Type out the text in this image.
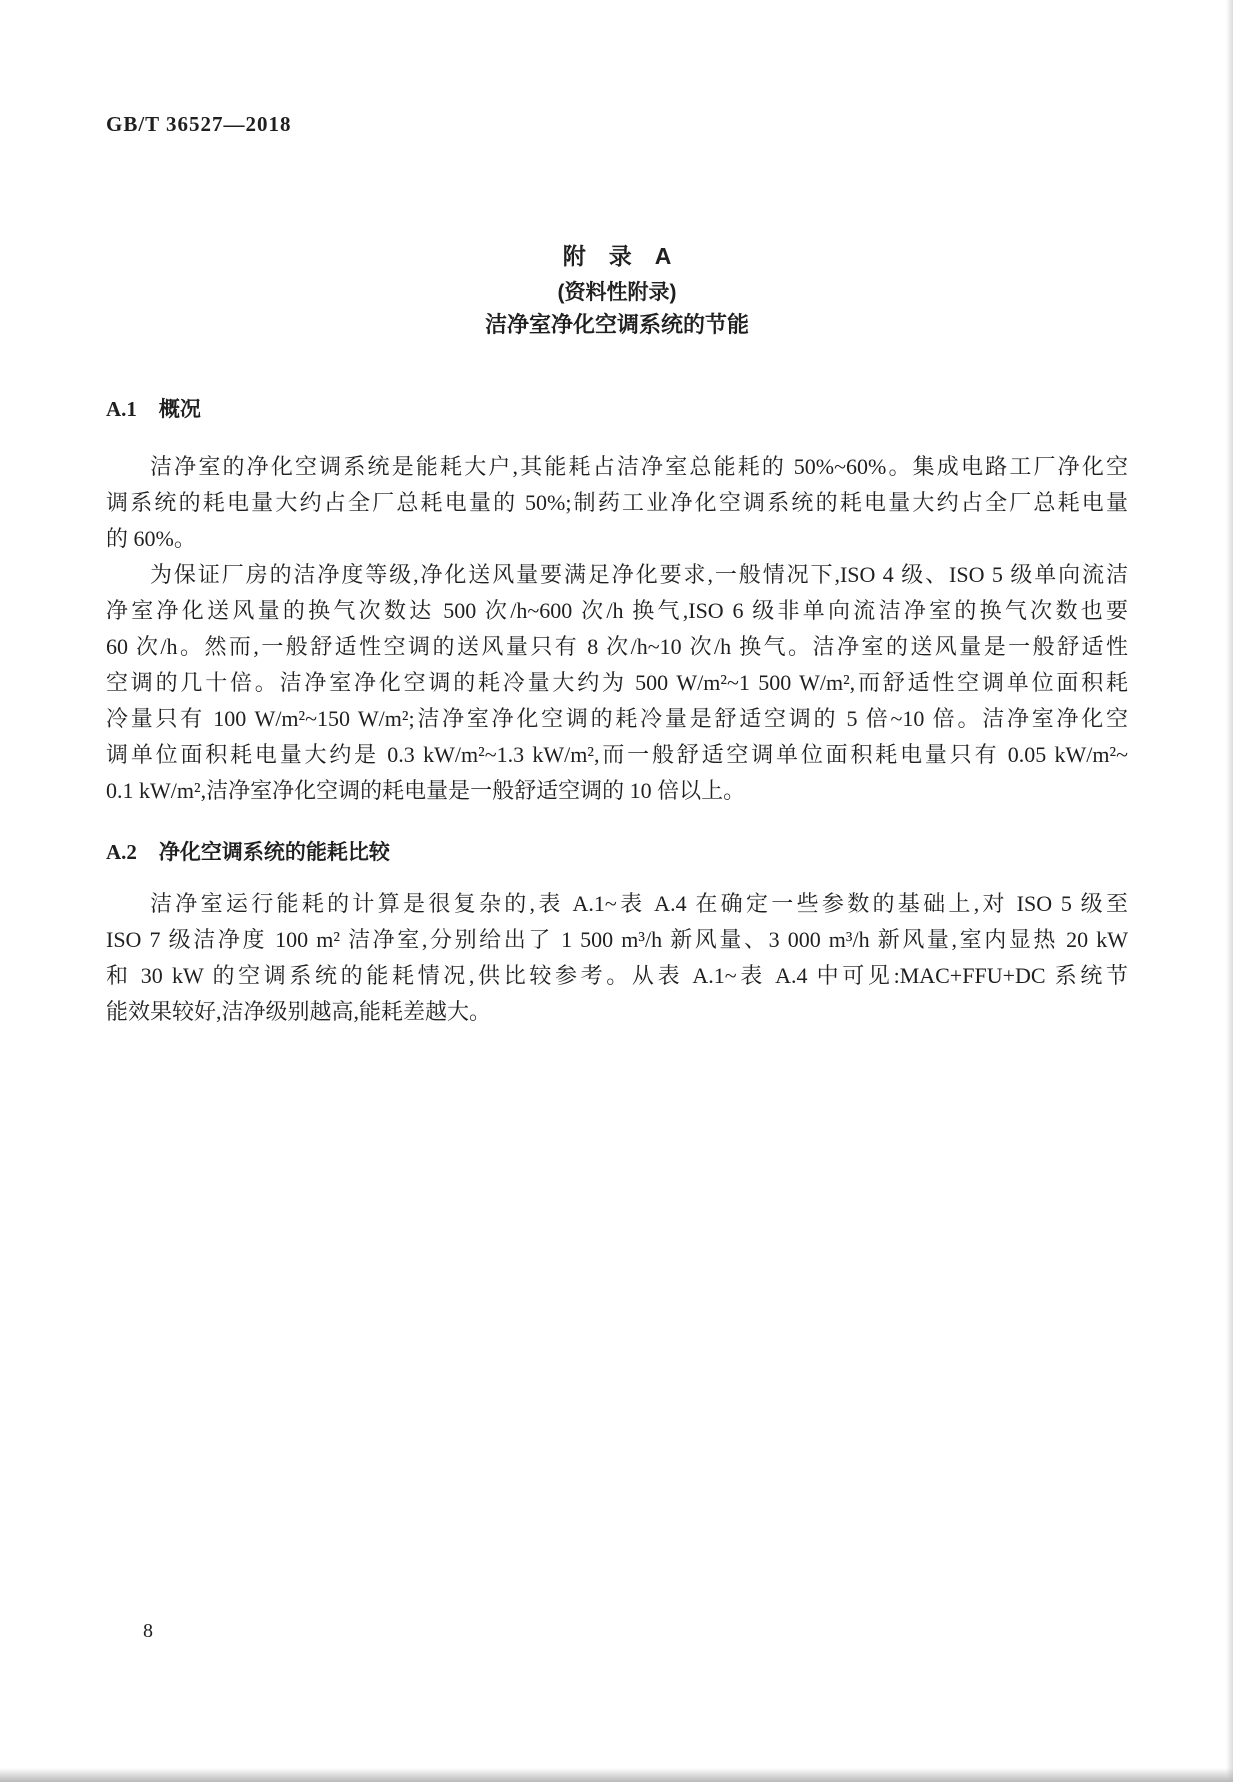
GB/T 36527—2018
附　录　A
(资料性附录)
洁净室净化空调系统的节能
A.1 概况
洁净室的净化空调系统是能耗大户,其能耗占洁净室总能耗的 50%~60%。集成电路工厂净化空
调系统的耗电量大约占全厂总耗电量的 50%;制药工业净化空调系统的耗电量大约占全厂总耗电量
的 60%。
为保证厂房的洁净度等级,净化送风量要满足净化要求,一般情况下,ISO 4 级、ISO 5 级单向流洁
净室净化送风量的换气次数达 500 次/h~600 次/h 换气,ISO 6 级非单向流洁净室的换气次数也要
60 次/h。然而,一般舒适性空调的送风量只有 8 次/h~10 次/h 换气。洁净室的送风量是一般舒适性
空调的几十倍。洁净室净化空调的耗冷量大约为 500 W/m²~1 500 W/m²,而舒适性空调单位面积耗
冷量只有 100 W/m²~150 W/m²;洁净室净化空调的耗冷量是舒适空调的 5 倍~10 倍。洁净室净化空
调单位面积耗电量大约是 0.3 kW/m²~1.3 kW/m²,而一般舒适空调单位面积耗电量只有 0.05 kW/m²~
0.1 kW/m²,洁净室净化空调的耗电量是一般舒适空调的 10 倍以上。
A.2 净化空调系统的能耗比较
洁净室运行能耗的计算是很复杂的,表 A.1~表 A.4 在确定一些参数的基础上,对 ISO 5 级至
ISO 7 级洁净度 100 m² 洁净室,分别给出了 1 500 m³/h 新风量、3 000 m³/h 新风量,室内显热 20 kW
和 30 kW 的空调系统的能耗情况,供比较参考。从表 A.1~表 A.4 中可见:MAC+FFU+DC 系统节
能效果较好,洁净级别越高,能耗差越大。
8
